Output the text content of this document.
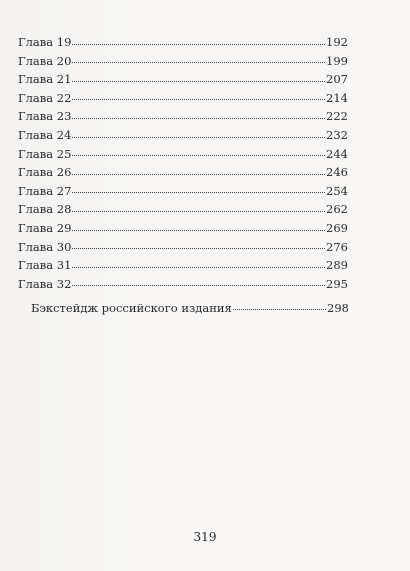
Глава 19	192
Глава 20	199
Глава 21	207
Глава 22	214
Глава 23	222
Глава 24	232
Глава 25	244
Глава 26	246
Глава 27	254
Глава 28	262
Глава 29	269
Глава 30	276
Глава 31	289
Глава 32	295
Бэкстейдж российского издания	298
319
